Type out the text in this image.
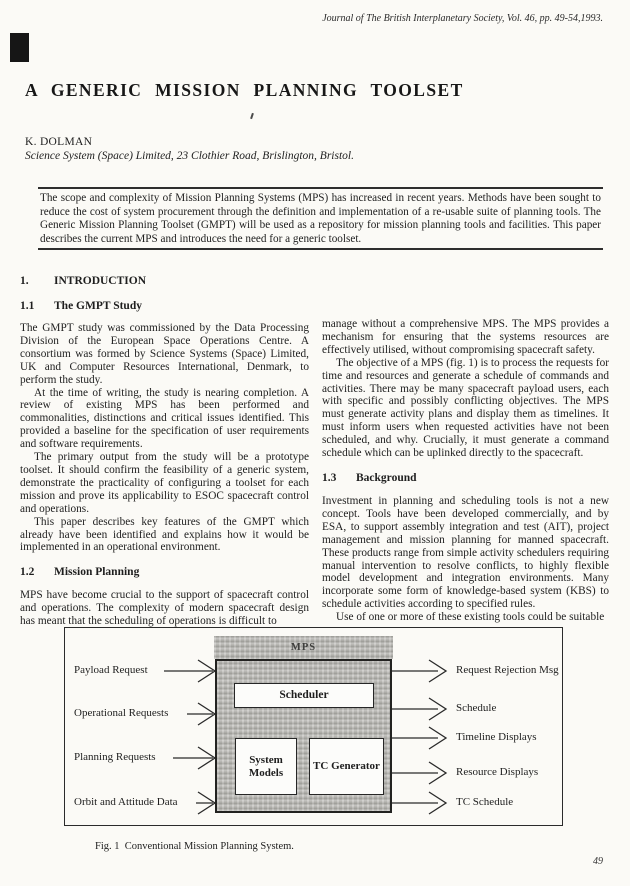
Journal of The British Interplanetary Society, Vol. 46, pp. 49-54,1993.
A GENERIC MISSION PLANNING TOOLSET
K. DOLMAN
Science System (Space) Limited, 23 Clothier Road, Brislington, Bristol.
The scope and complexity of Mission Planning Systems (MPS) has increased in recent years. Methods have been sought to reduce the cost of system procurement through the definition and implementation of a re-usable suite of planning tools. The Generic Mission Planning Toolset (GMPT) will be used as a repository for mission planning tools and facilities. This paper describes the current MPS and introduces the need for a generic toolset.
1. INTRODUCTION
1.1 The GMPT Study

The GMPT study was commissioned by the Data Processing Division of the European Space Operations Centre. A consortium was formed by Science Systems (Space) Limited, UK and Computer Resources International, Denmark, to perform the study.

At the time of writing, the study is nearing completion. A review of existing MPS has been performed and commonalities, distinctions and critical issues identified. This provided a baseline for the specification of user requirements and software requirements.

The primary output from the study will be a prototype toolset. It should confirm the feasibility of a generic system, demonstrate the practicality of configuring a toolset for each mission and prove its applicability to ESOC spacecraft control and operations.

This paper describes key features of the GMPT which already have been identified and explains how it would be implemented in an operational environment.

1.2 Mission Planning

MPS have become crucial to the support of spacecraft control and operations. The complexity of modern spacecraft design has meant that the scheduling of operations is difficult to

manage without a comprehensive MPS. The MPS provides a mechanism for ensuring that the systems resources are effectively utilised, without compromising spacecraft safety.

The objective of a MPS (fig. 1) is to process the requests for time and resources and generate a schedule of commands and activities. There may be many spacecraft payload users, each with specific and possibly conflicting objectives. The MPS must generate activity plans and display them as timelines. It must inform users when requested activities have not been scheduled, and why. Crucially, it must generate a command schedule which can be uplinked directly to the spacecraft.

1.3 Background

Investment in planning and scheduling tools is not a new concept. Tools have been developed commercially, and by ESA, to support assembly integration and test (AIT), project management and mission planning for manned spacecraft. These products range from simple activity schedulers requiring manual intervention to resolve conflicts, to highly flexible model development and integration environments. Many incorporate some form of knowledge-based system (KBS) to schedule activities according to specified rules.

Use of one or more of these existing tools could be suitable

MPS
Scheduler
System Models
TC Generator
Payload Request
Operational Requests
Planning Requests
Orbit and Attitude Data
Request Rejection Msg
Schedule
Timeline Displays
Resource Displays
TC Schedule
Fig. 1  Conventional Mission Planning System.
49
